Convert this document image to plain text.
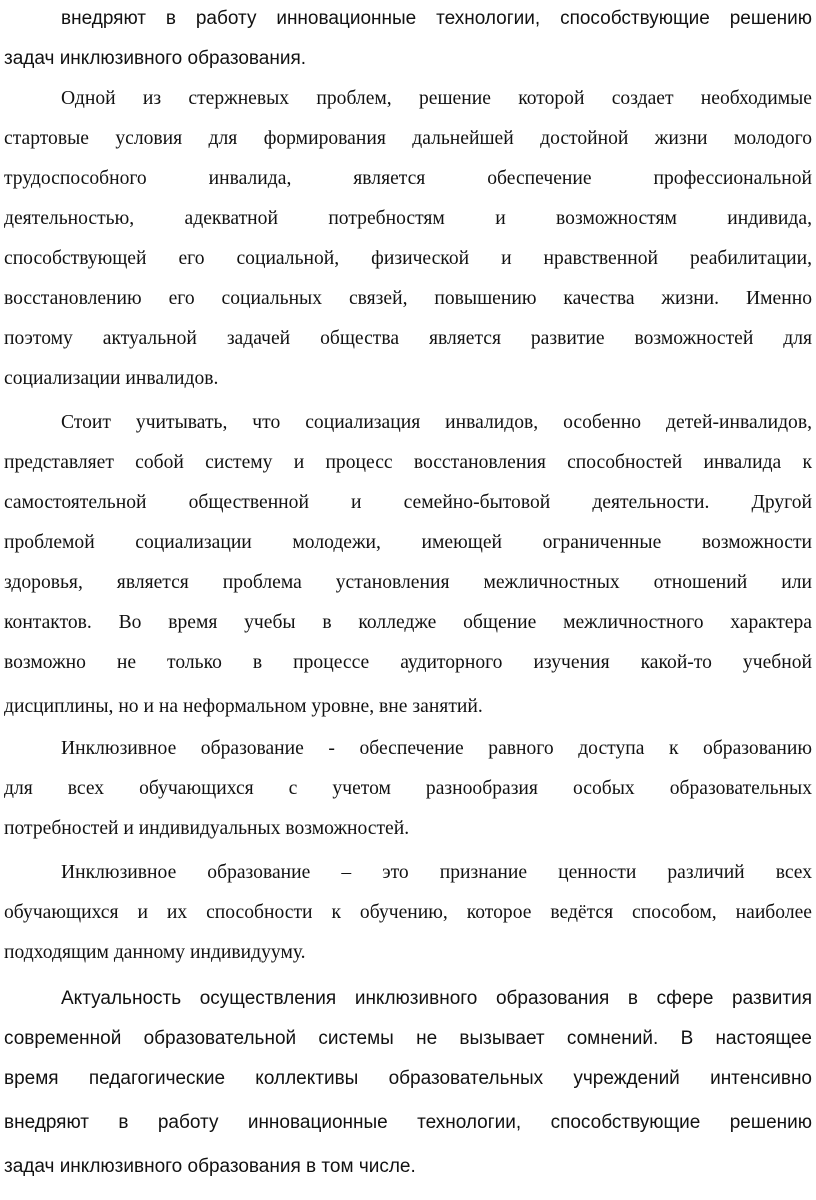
внедряют в работу инновационные технологии, способствующие решению
задач инклюзивного образования.
Одной из стержневых проблем, решение которой создает необходимые
стартовые условия для формирования дальнейшей достойной жизни молодого
трудоспособного инвалида, является обеспечение профессиональной
деятельностью, адекватной потребностям и возможностям индивида,
способствующей его социальной, физической и нравственной реабилитации,
восстановлению его социальных связей, повышению качества жизни. Именно
поэтому актуальной задачей общества является развитие возможностей для
социализации инвалидов.
Стоит учитывать, что социализация инвалидов, особенно детей-инвалидов,
представляет собой систему и процесс восстановления способностей инвалида к
самостоятельной общественной и семейно-бытовой деятельности. Другой
проблемой социализации молодежи, имеющей ограниченные возможности
здоровья, является проблема установления межличностных отношений или
контактов. Во время учебы в колледже общение межличностного характера
возможно не только в процессе аудиторного изучения какой-то учебной
дисциплины, но и на неформальном уровне, вне занятий.
Инклюзивное образование - обеспечение равного доступа к образованию
для всех обучающихся с учетом разнообразия особых образовательных
потребностей и индивидуальных возможностей.
Инклюзивное образование – это признание ценности различий всех
обучающихся и их способности к обучению, которое ведётся способом, наиболее
подходящим данному индивидууму.
Актуальность осуществления инклюзивного образования в сфере развития
современной образовательной системы не вызывает сомнений. В настоящее
время педагогические коллективы образовательных учреждений интенсивно
внедряют в работу инновационные технологии, способствующие решению
задач инклюзивного образования в том числе.
